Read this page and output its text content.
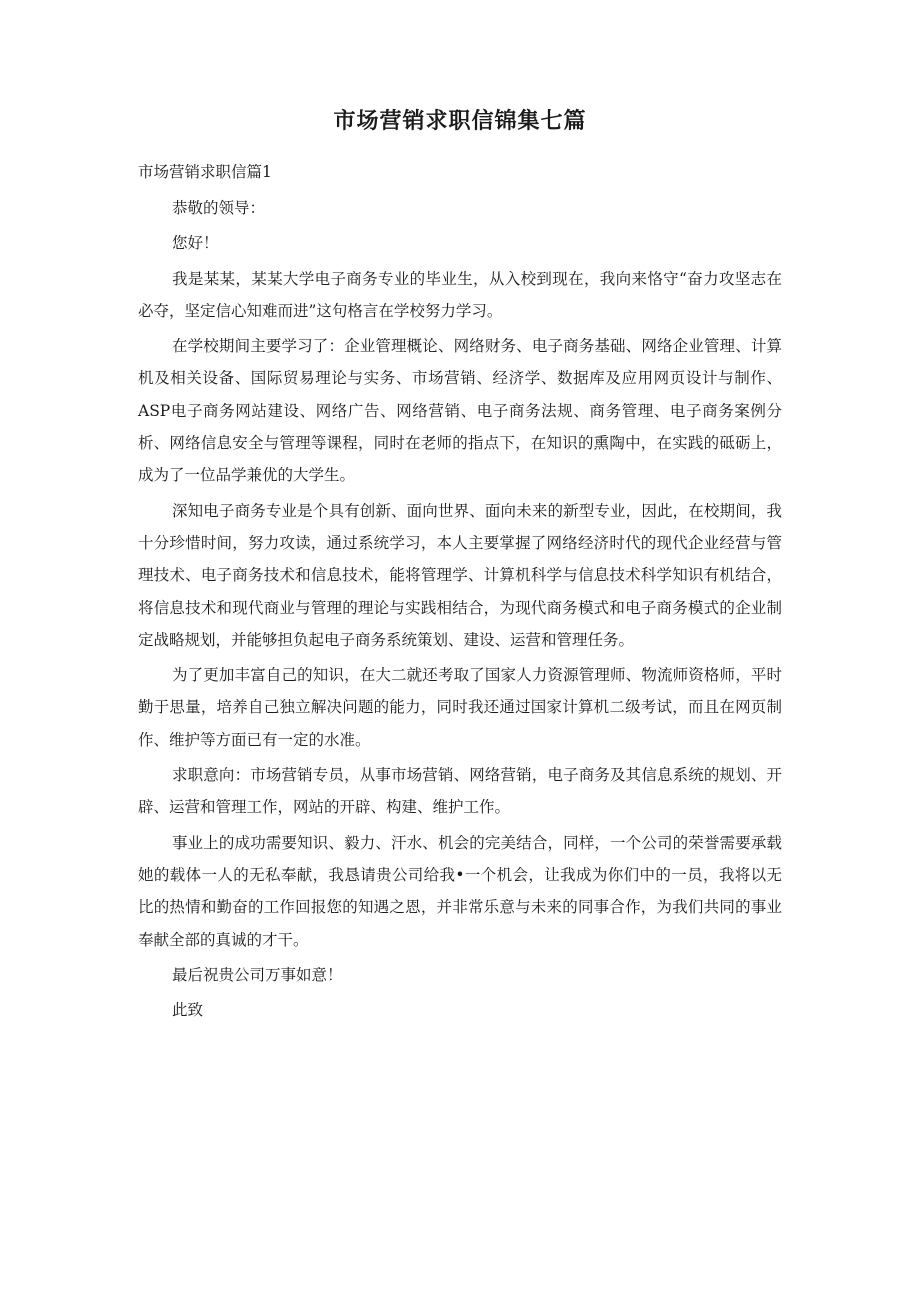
市场营销求职信锦集七篇
市场营销求职信篇1

恭敬的领导：

您好！

我是某某，某某大学电子商务专业的毕业生，从入校到现在，我向来恪守“奋力攻坚志在必夺，坚定信心知难而进”这句格言在学校努力学习。

在学校期间主要学习了：企业管理概论、网络财务、电子商务基础、网络企业管理、计算机及相关设备、国际贸易理论与实务、市场营销、经济学、数据库及应用网页设计与制作、ASP电子商务网站建设、网络广告、网络营销、电子商务法规、商务管理、电子商务案例分析、网络信息安全与管理等课程，同时在老师的指点下，在知识的熏陶中，在实践的砥砺上，成为了一位品学兼优的大学生。

深知电子商务专业是个具有创新、面向世界、面向未来的新型专业，因此，在校期间，我十分珍惜时间，努力攻读，通过系统学习，本人主要掌握了网络经济时代的现代企业经营与管理技术、电子商务技术和信息技术，能将管理学、计算机科学与信息技术科学知识有机结合，将信息技术和现代商业与管理的理论与实践相结合，为现代商务模式和电子商务模式的企业制定战略规划，并能够担负起电子商务系统策划、建设、运营和管理任务。

为了更加丰富自己的知识，在大二就还考取了国家人力资源管理师、物流师资格师，平时勤于思量，培养自己独立解决问题的能力，同时我还通过国家计算机二级考试，而且在网页制作、维护等方面已有一定的水准。

求职意向：市场营销专员，从事市场营销、网络营销，电子商务及其信息系统的规划、开辟、运营和管理工作，网站的开辟、构建、维护工作。

事业上的成功需要知识、毅力、汗水、机会的完美结合，同样，一个公司的荣誉需要承载她的载体一人的无私奉献，我恳请贵公司给我•一个机会，让我成为你们中的一员，我将以无比的热情和勤奋的工作回报您的知遇之恩，并非常乐意与未来的同事合作，为我们共同的事业奉献全部的真诚的才干。

最后祝贵公司万事如意！

此致
